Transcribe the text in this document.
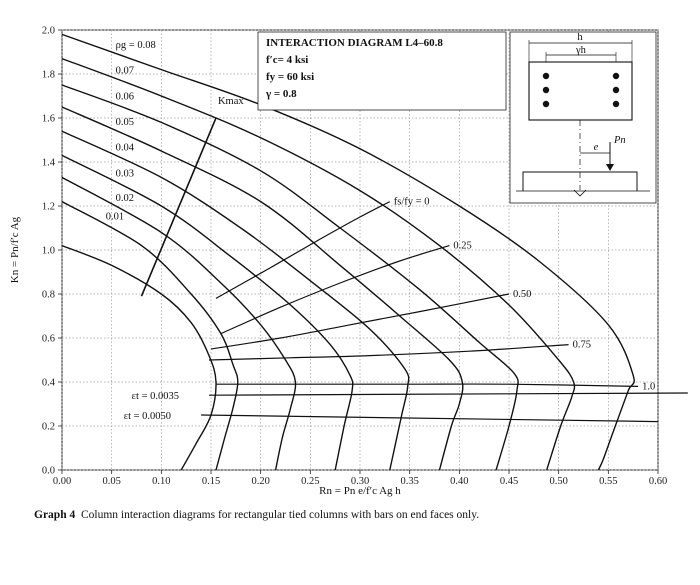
ρg = 0.08
0.07
0.06
0.05
0.04
0.03
0.02
0.01
εt = 0.0035
εt = 0.0050
fs/fy = 0
0.25
0.50
0.75
1.0
Κmax
0.00	0.05	0.10	0.15	0.20	0.25	0.30	0.35	0.40	0.45	0.50	0.55	0.60
0.0
0.2
0.4
0.6
0.8
1.0
1.2
1.4
1.6
1.8
2.0
Rn = Pn e/f′c Ag h
Kn = Pn/f′c Ag
INTERACTION DIAGRAM L4–60.8
f′c= 4 ksi
fy = 60 ksi
γ = 0.8
h
γh
e
Pn
Graph 4 Column interaction diagrams for rectangular tied columns with bars on end faces only.
